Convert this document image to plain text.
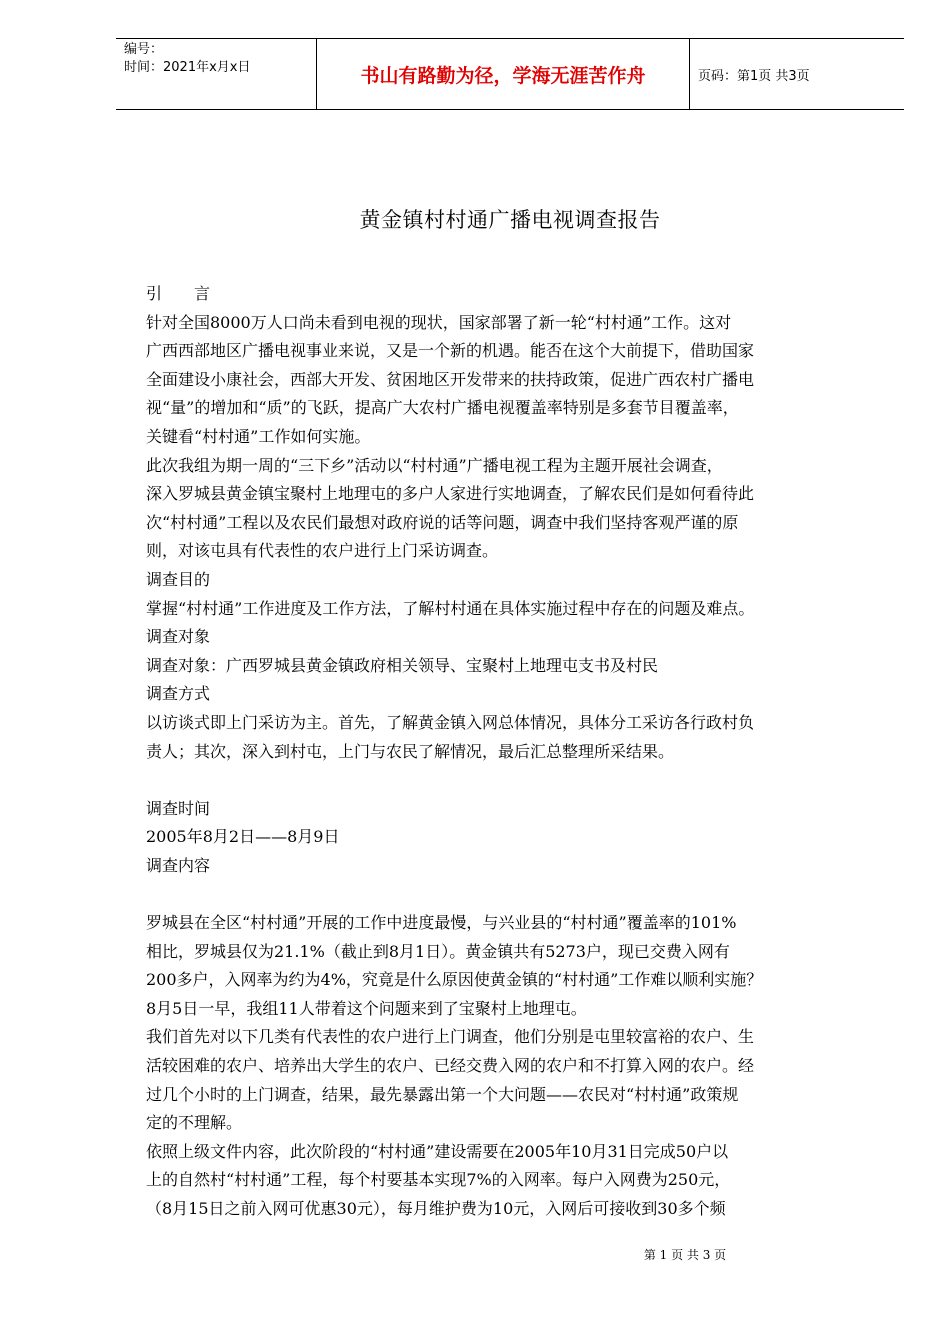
编号：
时间：2021年x月x日	书山有路勤为径，学海无涯苦作舟	页码：第1页 共3页
黄金镇村村通广播电视调查报告

引　　言

针对全国8000万人口尚未看到电视的现状，国家部署了新一轮“村村通”工作。这对

广西西部地区广播电视事业来说，又是一个新的机遇。能否在这个大前提下，借助国家

全面建设小康社会，西部大开发、贫困地区开发带来的扶持政策，促进广西农村广播电

视“量”的增加和“质”的飞跃，提高广大农村广播电视覆盖率特别是多套节目覆盖率，

关键看“村村通”工作如何实施。

此次我组为期一周的“三下乡”活动以“村村通”广播电视工程为主题开展社会调查，

深入罗城县黄金镇宝聚村上地理屯的多户人家进行实地调查，了解农民们是如何看待此

次“村村通”工程以及农民们最想对政府说的话等问题，调查中我们坚持客观严谨的原

则，对该屯具有代表性的农户进行上门采访调查。

调查目的

掌握“村村通”工作进度及工作方法，了解村村通在具体实施过程中存在的问题及难点。

调查对象

调查对象：广西罗城县黄金镇政府相关领导、宝聚村上地理屯支书及村民

调查方式

以访谈式即上门采访为主。首先，了解黄金镇入网总体情况，具体分工采访各行政村负

责人；其次，深入到村屯，上门与农民了解情况，最后汇总整理所采结果。

调查时间

2005年8月2日——8月9日

调查内容

罗城县在全区“村村通”开展的工作中进度最慢，与兴业县的“村村通”覆盖率的101%

相比，罗城县仅为21.1%（截止到8月1日）。黄金镇共有5273户，现已交费入网有

200多户，入网率为约为4%，究竟是什么原因使黄金镇的“村村通”工作难以顺利实施？

8月5日一早，我组11人带着这个问题来到了宝聚村上地理屯。

我们首先对以下几类有代表性的农户进行上门调查，他们分别是屯里较富裕的农户、生

活较困难的农户、培养出大学生的农户、已经交费入网的农户和不打算入网的农户。经

过几个小时的上门调查，结果，最先暴露出第一个大问题——农民对“村村通”政策规

定的不理解。

依照上级文件内容，此次阶段的“村村通”建设需要在2005年10月31日完成50户以

上的自然村“村村通”工程，每个村要基本实现7%的入网率。每户入网费为250元，

（8月15日之前入网可优惠30元），每月维护费为10元，入网后可接收到30多个频

第 1 页 共 3 页
